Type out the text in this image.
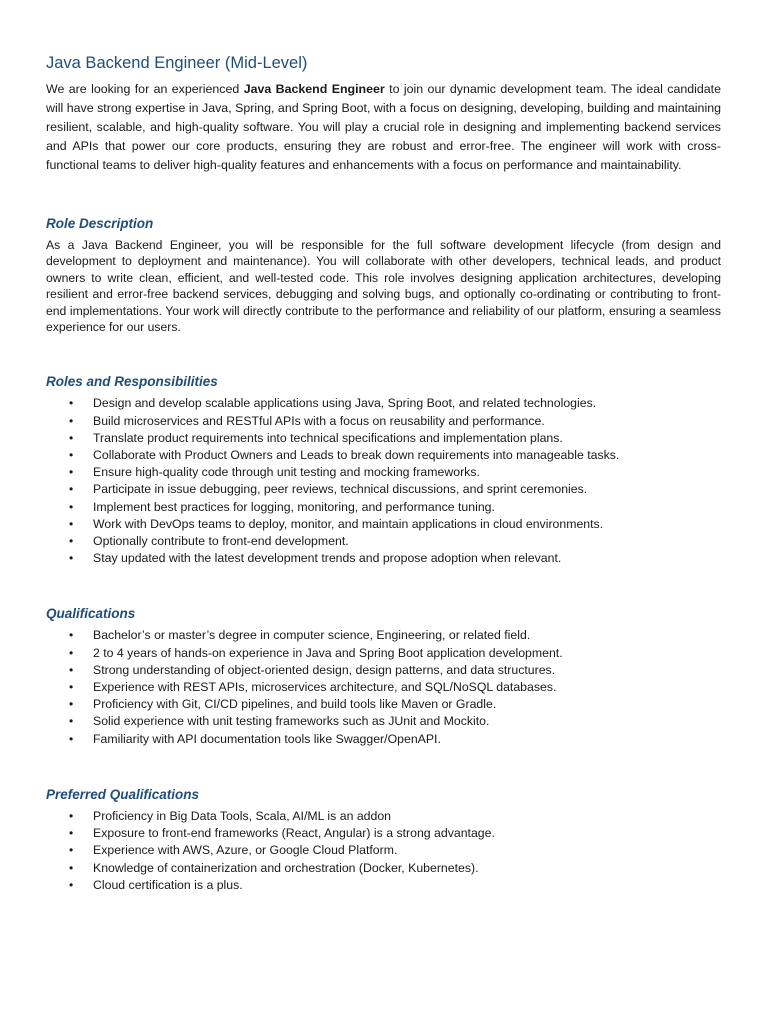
Java Backend Engineer (Mid-Level)

We are looking for an experienced Java Backend Engineer to join our dynamic development team. The ideal candidate will have strong expertise in Java, Spring, and Spring Boot, with a focus on designing, developing, building and maintaining resilient, scalable, and high-quality software. You will play a crucial role in designing and implementing backend services and APIs that power our core products, ensuring they are robust and error-free. The engineer will work with cross-functional teams to deliver high-quality features and enhancements with a focus on performance and maintainability.

Role Description

As a Java Backend Engineer, you will be responsible for the full software development lifecycle (from design and development to deployment and maintenance). You will collaborate with other developers, technical leads, and product owners to write clean, efficient, and well-tested code. This role involves designing application architectures, developing resilient and error-free backend services, debugging and solving bugs, and optionally co-ordinating or contributing to front-end implementations. Your work will directly contribute to the performance and reliability of our platform, ensuring a seamless experience for our users.

Roles and Responsibilities
• Design and develop scalable applications using Java, Spring Boot, and related technologies.
• Build microservices and RESTful APIs with a focus on reusability and performance.
• Translate product requirements into technical specifications and implementation plans.
• Collaborate with Product Owners and Leads to break down requirements into manageable tasks.
• Ensure high-quality code through unit testing and mocking frameworks.
• Participate in issue debugging, peer reviews, technical discussions, and sprint ceremonies.
• Implement best practices for logging, monitoring, and performance tuning.
• Work with DevOps teams to deploy, monitor, and maintain applications in cloud environments.
• Optionally contribute to front-end development.
• Stay updated with the latest development trends and propose adoption when relevant.
Qualifications
• Bachelor’s or master’s degree in computer science, Engineering, or related field.
• 2 to 4 years of hands-on experience in Java and Spring Boot application development.
• Strong understanding of object-oriented design, design patterns, and data structures.
• Experience with REST APIs, microservices architecture, and SQL/NoSQL databases.
• Proficiency with Git, CI/CD pipelines, and build tools like Maven or Gradle.
• Solid experience with unit testing frameworks such as JUnit and Mockito.
• Familiarity with API documentation tools like Swagger/OpenAPI.
Preferred Qualifications
• Proficiency in Big Data Tools, Scala, AI/ML is an addon
• Exposure to front-end frameworks (React, Angular) is a strong advantage.
• Experience with AWS, Azure, or Google Cloud Platform.
• Knowledge of containerization and orchestration (Docker, Kubernetes).
• Cloud certification is a plus.
